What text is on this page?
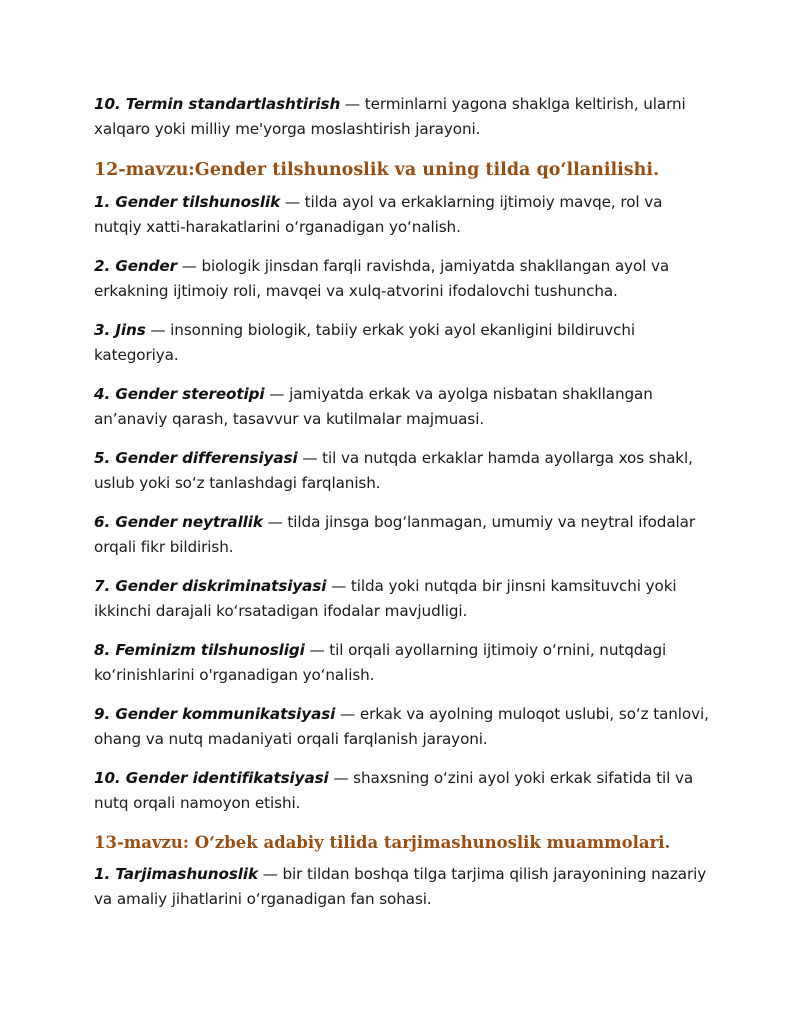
10. Termin standartlashtirish — terminlarni yagona shaklga keltirish, ularni xalqaro yoki milliy me'yorga moslashtirish jarayoni.

12-mavzu:Gender tilshunoslik va uning tilda qo‘llanilishi.

1. Gender tilshunoslik — tilda ayol va erkaklarning ijtimoiy mavqe, rol va nutqiy xatti-harakatlarini o‘rganadigan yo‘nalish.

2. Gender — biologik jinsdan farqli ravishda, jamiyatda shakllangan ayol va erkakning ijtimoiy roli, mavqei va xulq-atvorini ifodalovchi tushuncha.

3. Jins — insonning biologik, tabiiy erkak yoki ayol ekanligini bildiruvchi kategoriya.

4. Gender stereotipi — jamiyatda erkak va ayolga nisbatan shakllangan an’anaviy qarash, tasavvur va kutilmalar majmuasi.

5. Gender differensiyasi — til va nutqda erkaklar hamda ayollarga xos shakl, uslub yoki so‘z tanlashdagi farqlanish.

6. Gender neytrallik — tilda jinsga bog‘lanmagan, umumiy va neytral ifodalar orqali fikr bildirish.

7. Gender diskriminatsiyasi — tilda yoki nutqda bir jinsni kamsituvchi yoki ikkinchi darajali ko‘rsatadigan ifodalar mavjudligi.

8. Feminizm tilshunosligi — til orqali ayollarning ijtimoiy o‘rnini, nutqdagi ko‘rinishlarini o'rganadigan yo‘nalish.

9. Gender kommunikatsiyasi — erkak va ayolning muloqot uslubi, so‘z tanlovi, ohang va nutq madaniyati orqali farqlanish jarayoni.

10. Gender identifikatsiyasi — shaxsning o‘zini ayol yoki erkak sifatida til va nutq orqali namoyon etishi.

13-mavzu: O‘zbek adabiy tilida tarjimashunoslik muammolari.

1. Tarjimashunoslik — bir tildan boshqa tilga tarjima qilish jarayonining nazariy va amaliy jihatlarini o‘rganadigan fan sohasi.
